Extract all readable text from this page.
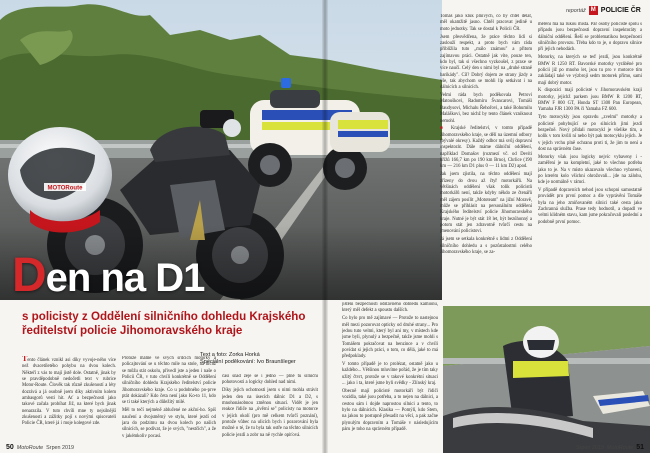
D en na D1

s policisty z Oddělení silničního dohledu Krajského ředitelství policie Jihomoravského kraje

Text a foto: Zorka Horká
Speciální poděkování: Ivo Braunšleger

Tento článek vznikl asi díky vyvoje-ného více než dvacetiletého pohybu na dvou kolech. Někteří z vás to mají jistě dole. Ostatně, jinak by se pravděpodobně nedočetli text v rubrice Motor-Route. Člověk tak různě zkušeností a léty dozrává a já osobně jsem díky aktivním kolem ambasgorů vesti hit. Ať a bezpečnosti jako takové začala probíhat Již, na které bych jinak nenarazila. V tuto chvíli mne ty nejsilnější zkušenosti a zážitky pojí s novými spisovateli Policie ČR, které já i moje kolegové zde.

Protože máme ve svých srdcích motorky a policajtování se u těchto mile na stole, na nichž se můžu stát oskolu, přivedl jste a jeden i naše o Policii ČR, v tuto chvíli konkrétně se Oddělení silničního dohledu Krajského ředitelství policie Jihomoravského kraje. Co u podobného po-prve ptát dokázali? Kdo četa není jako Ko-to 11, kdo se ti také kterých a důležitý milé.

Měl to tečí nejméně ablučené ne akční-ho. Spíš naučení a dvojsměrný ve stylu, které jezdí od jara do podzimu na dvou kolech po našich silnicích, se podívat, že je svých, "nestčích", a že v jakémkoliv pocasí.

časí snad zeje se i jedno — plně tu silniční pohotovosti a logicky dohled nad nimi.

Díky jejich ochotnosti jsem s nimi mohla strávit jeden den na úsecích dálnic D1 a D2, s mnohonásobnou změnou situací. Vidět je jen reakce řidiče na „úvěrní se" policisty na motorce v jejich okolí (pro mě celkem tvůrčí poznání), protože vůbec na ulicích bych i pozorování byla možné o té, že tu byla tak ostře na těchto silnicích policie jezdí a zobr na ně rychle opiťová.

reportáž M POLICIE ČR

Tomáš jako kluk plnivých, co by chtěl dělat, měl okamžitě jasno. Chtěl pracovat jedině u moto jednotky. Tak se dostal k Policii ČR.

Jsem přesvědčena, že práce těchto lidí si zaslouží respekt, a proto bych vám ráda přiblížila tuto „málo známou" a přitom zajímavou práci. Ostatně jak víte, pouze ten, kdo byl, tak si všechno vyzkoušel, z praxe se více naučí. Celý den s nimi byl na „druhé straně barikády". Cíl? Dobrý dojem ze strany jízdy a vše, tak abychom se mohli líp setkávat i na dálnicích a silnicích.

Velmi ráda bych poděkovala Petrovi Matouškovi, Radomíru Švancarovi, Tomáši Baudysovi, Michalu Řehořovi, a také Bohumilu Maláškovi, bez nichž by tento článek vzniknout nemohl.

■ Krajské ředitelství, v tomto případě Jihomoravského kraje, se dělí na územní odbory (bývalé okresy). Každý odbor má svůj dopravní inspektorát. Dále máme dálniční oddělení, například Domašov (rozmezí vč. od Devíti křížů 166,7 km po 190 km Brno), Chrlice (190 km — 216 km D1 plus 0 — 11 km D2) apod.

Jak jsem zjistila, na těchto oddělení mají zřízeny do dvou až čtyř motorkářů. Na většinách oddělení však tolik policistů motorkářů není, takže kdyby někdo ze čtenářů měl zájem posílit „Mototeam" na jižní Moravě, může se přihlásit na personálním oddělení Krajského ředitelství policie Jihomoravského kraje. Nutné je být stát 18 let, být bezúhonný a potom stát jen zdravotně tvůrčí cestu na jmenování policistovi.

Já jsem se setkala konkrétně s lidmi z Oddělení silničního dohledu a s pozůstalostmi celého Jihomoravského kraje, se za-

jištění bezpečnosti odstavného dohledu kamionu, který měl defekt a spoustu dalších.

Co bylo pro mě zajímavé — Protože to nastejnou měl mezi pozorovat opticky od druhé strany... Pro jedou tuto velmi, který byl ani my, v místech kde jsme byli, plynulý a bezpečně, takže jsme mohli s Tomášem pokračovat na benzince a v chvíli povídat si jejich práci, o tom, co dělá, jaké to má předpoklady.

V tomto případě je to prolézat, ostatně jako u každého... Většinou mluvíme pořád, že je tím taky užitý čtvrt, protože se v takové konkrétní situaci ... jako i ta, které jsme byli svědky - Zlínský kraj.

Obecně mají policisté motorkáři být řidiči vozidla, také jsou potřeba, a to nejen na dálnici, a cestou sám i dojde naprostou silnici a tento, to bylo na dálnicích. Klasika — Pomýlí, kdo Stem, na jakou to postupně přesadit na věcí, a pak začne plynulým dopravním a Tomáše v následujícím páru je toho na správném případě.

měření má na rukou místa. Pár osoby policisté spolu s případu jsou bezpečnosti dopravní inspektoráty a dálniční oddělení. Řeší se problematikou bezpečnosti silničního provozu. Třeba kdo to je, o dopravu silnice při jejich nehodách.

Motorky, na kterých se teď jezdí, jsou konkrétně BMW R 1250 RT. Bavorské motorky vyráběné pro policii již po mnoho let, jsou tu pro v motorce tím zakládají také ve výzbroji sedm motorek přímo, sami mají dobrý motor.

K dispozici mají policisté v Jihomoravském kraji motorky, jejichž parkem jsou BMW R 1200 RT, BMW F 800 GT, Honda ST 1300 Pan European, Yamaha FJR 1300 PA či Yamaha FZ 600.

Tyto motocykly jsou opravdu „zvelmi" motorky a policisté pohybující se po silnicích jimi jezdí bezpečně. Nový přidali motocykl je všelike tím, a kolik v tom kvůli ní nebo být pak motocyklu jejich. Je v jejich vrchu plně ochranu proti ti, že jim to není a dost na správném čase.

Motorky však jsou logicky nejvíc vybaveny i - zaměření je na kompletní, jaké to všechno potřeba jako to je. Na v místo ukazovalo všechno vybavení, po kterém kolo všichni ohrožovali... jde na zálohu, kde je normálně v rámci.

V případě dopravních nehod jsou schopni samostatně provádět pro první pomoc a dle vyprávění Tomáše byla na jeho zmiňovaném silnici také cesta jako Zachranná služba. Prase tedy hodnotil, a dopadl ve velmi klidném stavu, kam jsme pokračovali poslední a podobně první pomoc.

50 MotoRoute Srpen 2019	Srpen 2019 MotoRoute 51
